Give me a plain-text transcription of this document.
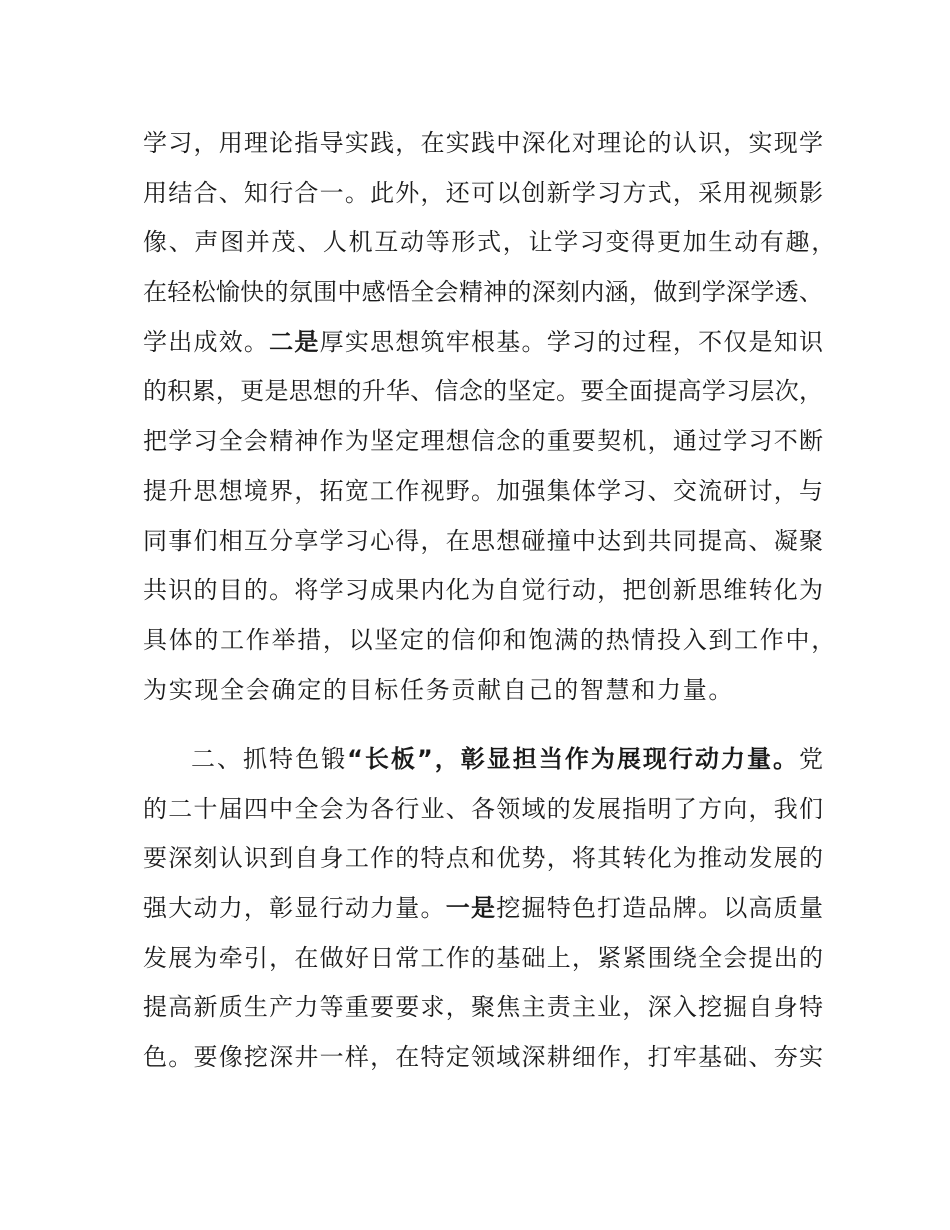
学习，用理论指导实践，在实践中深化对理论的认识，实现学
用结合、知行合一。此外，还可以创新学习方式，采用视频影
像、声图并茂、人机互动等形式，让学习变得更加生动有趣，
在轻松愉快的氛围中感悟全会精神的深刻内涵，做到学深学透、
学出成效。二是厚实思想筑牢根基。学习的过程，不仅是知识
的积累，更是思想的升华、信念的坚定。要全面提高学习层次，
把学习全会精神作为坚定理想信念的重要契机，通过学习不断
提升思想境界，拓宽工作视野。加强集体学习、交流研讨，与
同事们相互分享学习心得，在思想碰撞中达到共同提高、凝聚
共识的目的。将学习成果内化为自觉行动，把创新思维转化为
具体的工作举措，以坚定的信仰和饱满的热情投入到工作中，
为实现全会确定的目标任务贡献自己的智慧和力量。
二、抓特色锻“长板”，彰显担当作为展现行动力量。党
的二十届四中全会为各行业、各领域的发展指明了方向，我们
要深刻认识到自身工作的特点和优势，将其转化为推动发展的
强大动力，彰显行动力量。一是挖掘特色打造品牌。以高质量
发展为牵引，在做好日常工作的基础上，紧紧围绕全会提出的
提高新质生产力等重要要求，聚焦主责主业，深入挖掘自身特
色。要像挖深井一样，在特定领域深耕细作，打牢基础、夯实
